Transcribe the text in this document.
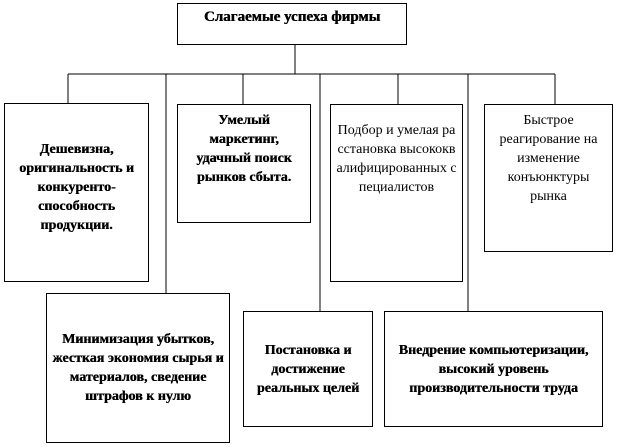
Слагаемые успеха фирмы
Дешевизна, оригинальность и конкуренто-способность продукции.
Умелый маркетинг, удачный поиск рынков сбыта.
Подбор и умелая расстановка высококвалифицированных специалистов
Быстрое реагирование на изменение конъюнктуры рынка
Минимизация убытков, жесткая экономия сырья и материалов, сведение штрафов к нулю
Постановка и достижение реальных целей
Внедрение компьютеризации, высокий уровень производительности труда
